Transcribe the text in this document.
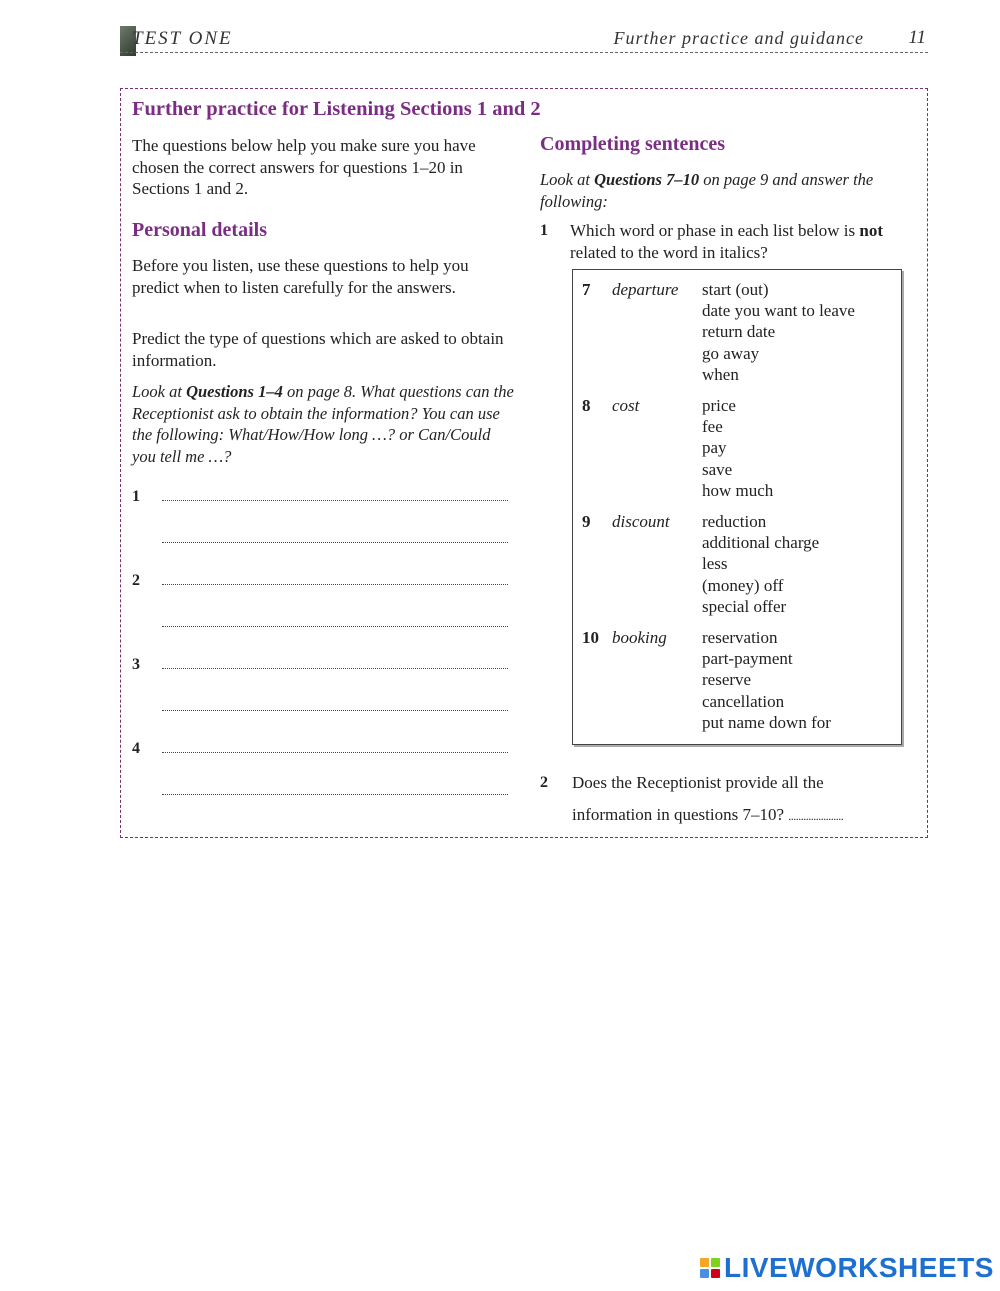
TEST ONE	Further practice and guidance 11
Further practice for Listening Sections 1 and 2
The questions below help you make sure you have chosen the correct answers for questions 1–20 in Sections 1 and 2.
Personal details
Before you listen, use these questions to help you predict when to listen carefully for the answers.
Predict the type of questions which are asked to obtain information.
Look at Questions 1–4 on page 8. What questions can the Receptionist ask to obtain the information? You can use the following: What/How/How long …? or Can/Could you tell me …?
1
2
3
4
Completing sentences
Look at Questions 7–10 on page 9 and answer the following:
1 Which word or phase in each list below is not related to the word in italics?
7 departure start (out)
date you want to leave
return date
go away
when
8 cost	price
fee
pay
save
how much
9 discount reduction
additional charge
less
(money) off
special offer
10 booking reservation
part-payment
reserve
cancellation
put name down for
2 Does the Receptionist provide all the
information in questions 7–10? ......................
LIVEWORKSHEETS
